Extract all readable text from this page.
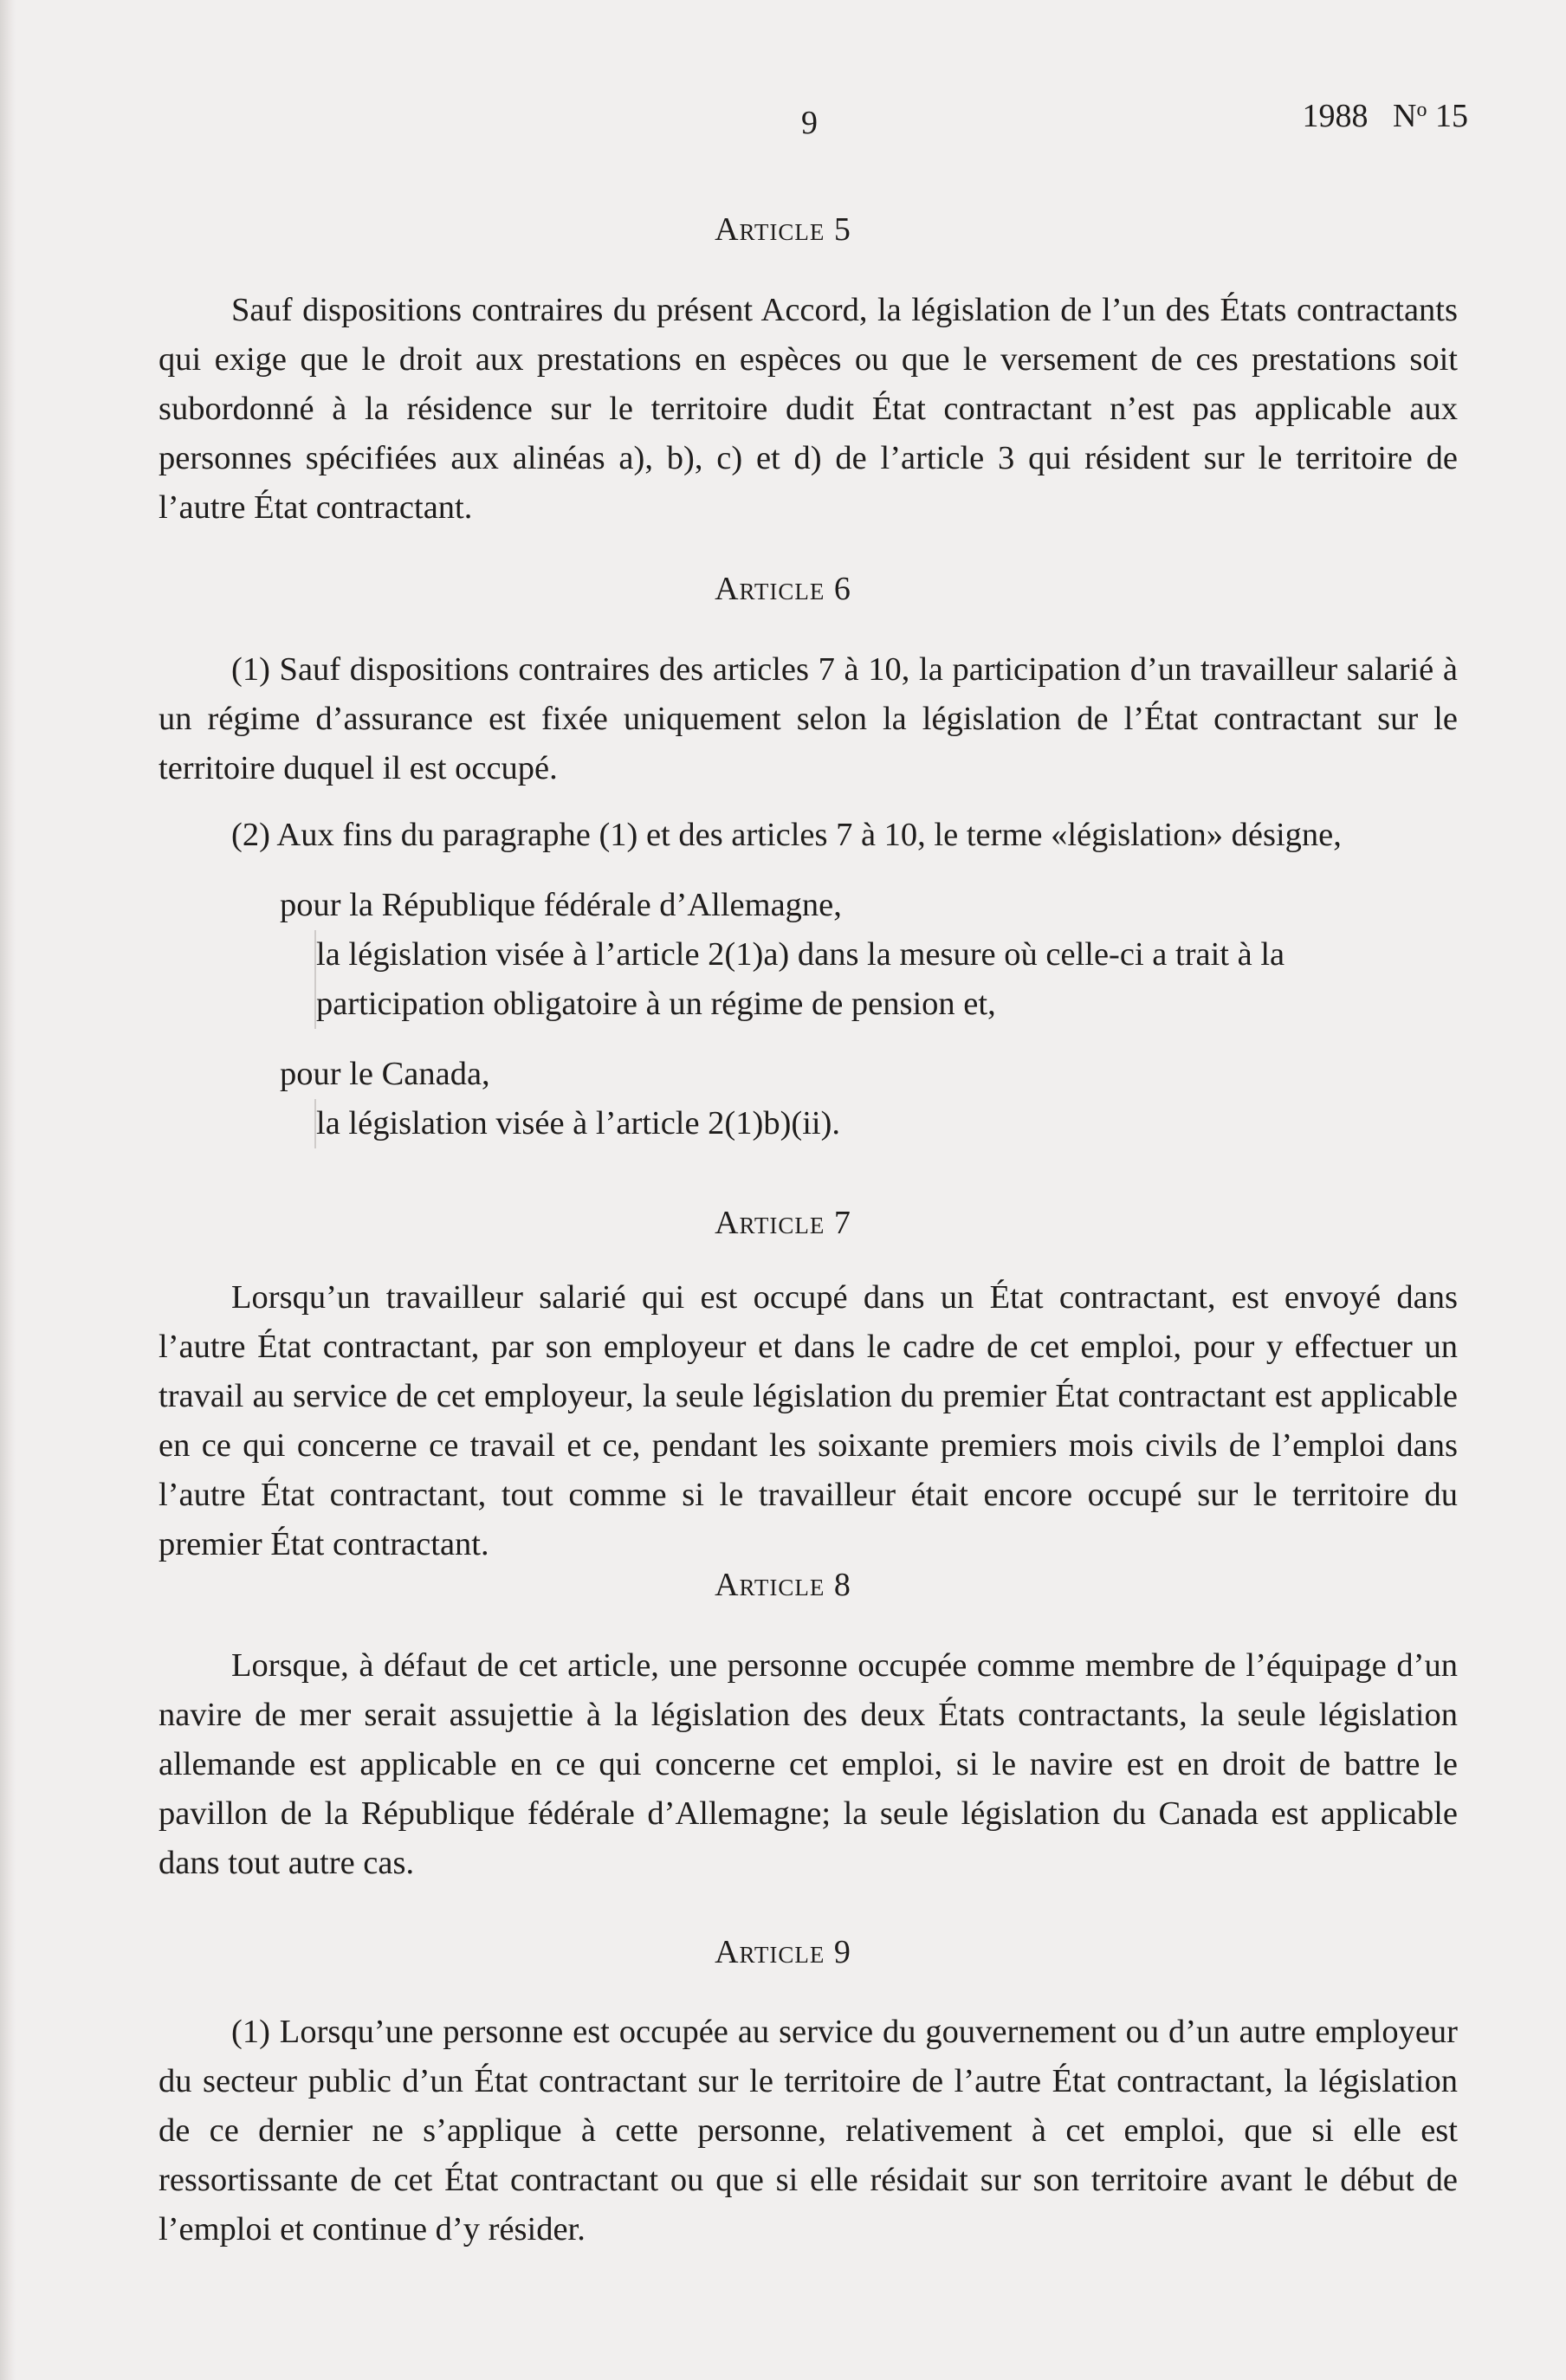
9	1988 $N^o$ 15
Article 5

Sauf dispositions contraires du présent Accord, la législation de l’un des États contractants qui exige que le droit aux prestations en espèces ou que le versement de ces prestations soit subordonné à la résidence sur le territoire dudit État contractant n’est pas applicable aux personnes spécifiées aux alinéas a), b), c) et d) de l’article 3 qui résident sur le territoire de l’autre État contractant.

Article 6

(1) Sauf dispositions contraires des articles 7 à 10, la participation d’un travailleur salarié à un régime d’assurance est fixée uniquement selon la législation de l’État contractant sur le territoire duquel il est occupé.

(2) Aux fins du paragraphe (1) et des articles 7 à 10, le terme «législation» désigne,

pour la République fédérale d’Allemagne,

la législation visée à l’article 2(1)a) dans la mesure où celle-ci a trait à la participation obligatoire à un régime de pension et,

pour le Canada,

la législation visée à l’article 2(1)b)(ii).

Article 7

Lorsqu’un travailleur salarié qui est occupé dans un État contractant, est envoyé dans l’autre État contractant, par son employeur et dans le cadre de cet emploi, pour y effectuer un travail au service de cet employeur, la seule législation du premier État contractant est applicable en ce qui concerne ce travail et ce, pendant les soixante premiers mois civils de l’emploi dans l’autre État contractant, tout comme si le travailleur était encore occupé sur le territoire du premier État contractant.

Article 8

Lorsque, à défaut de cet article, une personne occupée comme membre de l’équipage d’un navire de mer serait assujettie à la législation des deux États contractants, la seule législation allemande est applicable en ce qui concerne cet emploi, si le navire est en droit de battre le pavillon de la République fédérale d’Allemagne; la seule législation du Canada est applicable dans tout autre cas.

Article 9

(1) Lorsqu’une personne est occupée au service du gouvernement ou d’un autre employeur du secteur public d’un État contractant sur le territoire de l’autre État contractant, la législation de ce dernier ne s’applique à cette personne, relativement à cet emploi, que si elle est ressortissante de cet État contractant ou que si elle résidait sur son territoire avant le début de l’emploi et continue d’y résider.
